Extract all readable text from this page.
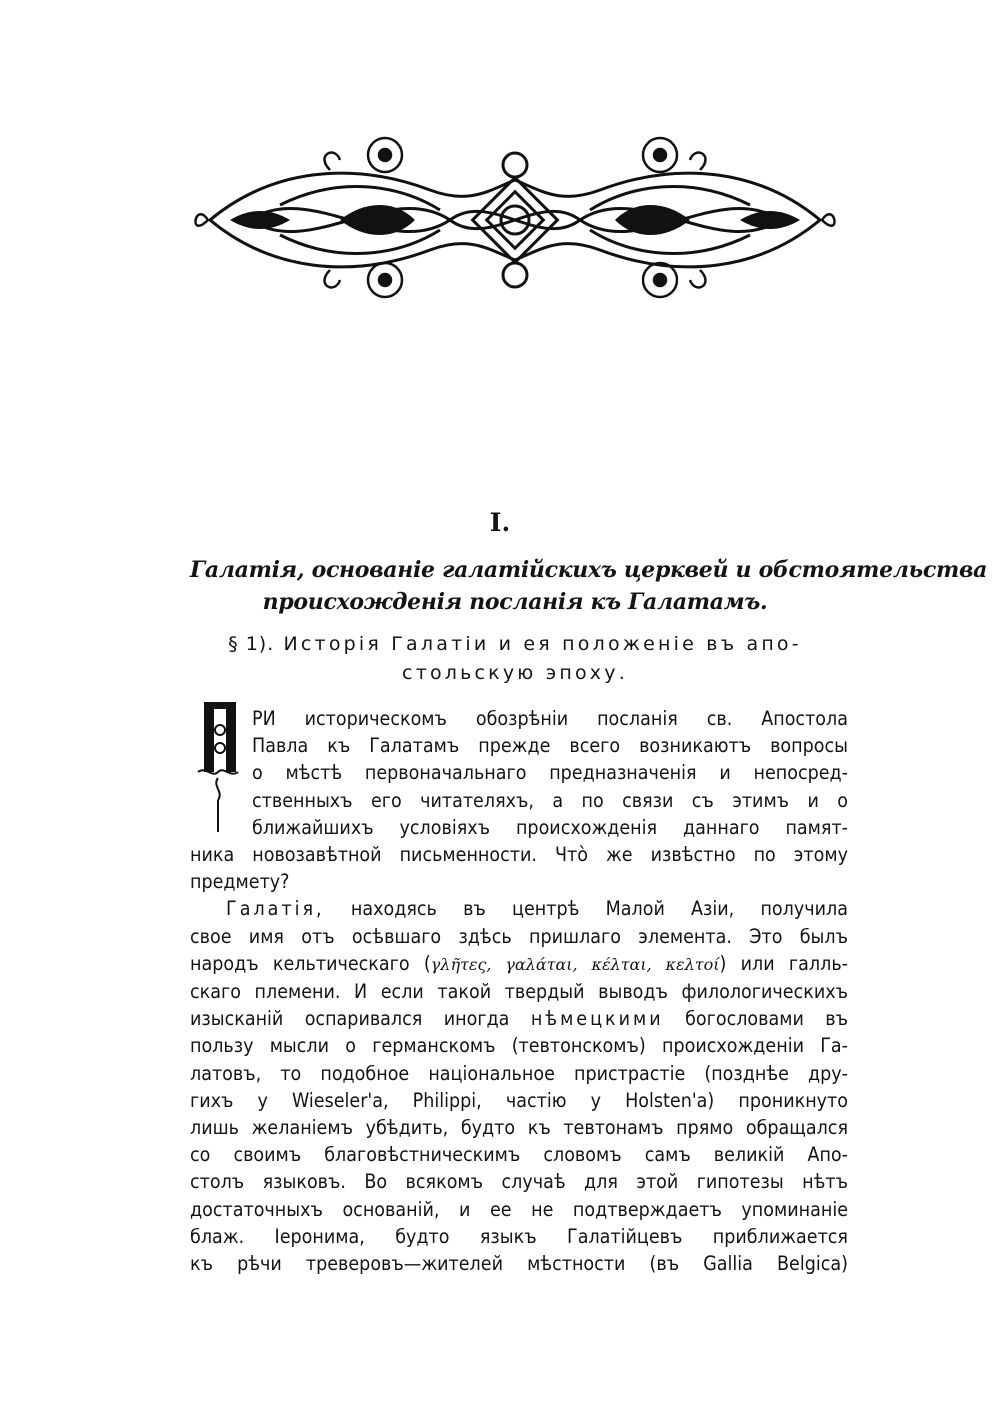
I.
Галатія, основаніе галатійскихъ церквей и обстоятельства
происхожденія посланія къ Галатамъ.
§ 1). Исторія Галатіи и ея положеніе въ апо-
стольскую эпоху.
РИ историческомъ обозрѣніи посланія св. Апостола
Павла къ Галатамъ прежде всего возникаютъ вопросы
о мѣстѣ первоначальнаго предназначенія и непосред-
ственныхъ его читателяхъ, а по связи съ этимъ и о
ближайшихъ условіяхъ происхожденія даннаго памят-
ника новозавѣтной письменности. Чтò же извѣстно по этому
предмету?
Галатія, находясь въ центрѣ Малой Азіи, получила
свое имя отъ осѣвшаго здѣсь пришлаго элемента. Это былъ
народъ кельтическаго (γλῆτες, γαλάται, κέλται, κελτοί) или галль-
скаго племени. И если такой твердый выводъ филологическихъ
изысканій оспаривался иногда нѣмецкими богословами въ
пользу мысли о германскомъ (тевтонскомъ) происхожденіи Га-
латовъ, то подобное національное пристрастіе (позднѣе дру-
гихъ у Wieseler'a, Philippi, частію у Holsten'a) проникнуто
лишь желаніемъ убѣдить, будто къ тевтонамъ прямо обращался
со своимъ благовѣстническимъ словомъ самъ великій Апо-
столъ языковъ. Во всякомъ случаѣ для этой гипотезы нѣтъ
достаточныхъ основаній, и ее не подтверждаетъ упоминаніе
блаж. Іеронима, будто языкъ Галатійцевъ приближается
къ рѣчи треверовъ—жителей мѣстности (въ Gallia Belgica)
